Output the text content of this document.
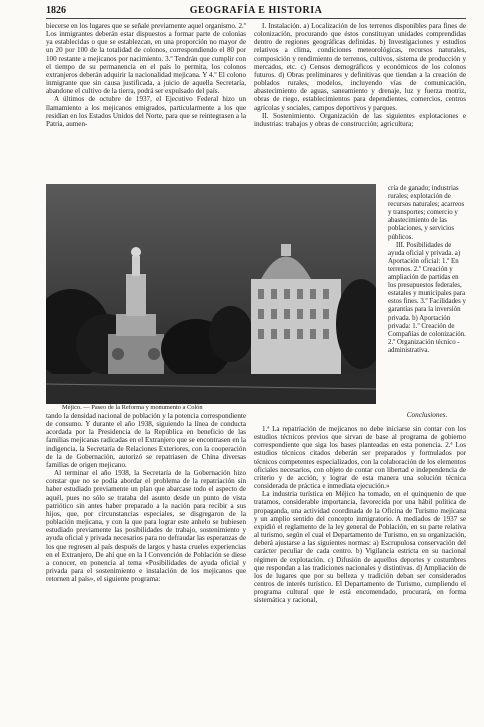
1826	GEOGRAFÍA E HISTORIA

biecerse en los lugares que se señale previamente aquel organismo. 2.º Los inmigrantes deberán estar dispuestos a formar parte de colonias ya establecidas o que se establezcan, en una proporción no mayor de un 20 por 100 de la totalidad de colonos, correspondiendo el 80 por 100 restante a mejicanos por nacimiento. 3.º Tendrán que cumplir con el tiempo de su permanencia en el país lo permita, los colonos extranjeros deberán adquirir la nacionalidad mejicana. Y 4.º El colono inmigrante que sin causa justificada, a juicio de aquella Secretaría, abandone el cultivo de la tierra, podrá ser expulsado del país.

A últimos de octubre de 1937, el Ejecutivo Federal hizo un llamamiento a los mejicanos emigrados, particularmente a los que residían en los Estados Unidos del Norte, para que se reintegrasen a la Patria, aumen-

I. Instalación. a) Localización de los terrenos disponibles para fines de colonización, procurando que éstos constituyan unidades comprendidas dentro de regiones geográficas definidas. b) Investigaciones y estudios relativos a clima, condiciones meteorológicas, recursos naturales, composición y rendimiento de terrenos, cultivos, sistema de producción y mercados, etc. c) Censos demográficos y económicos de los colonos futuros. d) Obras preliminares y definitivas que tiendan a la creación de poblados rurales, modelos, incluyendo vías de comunicación, abastecimiento de aguas, saneamiento y drenaje, luz y fuerza motriz, obras de riego, establecimientos para dependientes, comercios, centros agrícolas y sociales, campos deportivos y parques.

II. Sostenimiento. Organización de las siguientes explotaciones e industrias: trabajos y obras de construcción; agricultura;

Méjico. — Paseo de la Reforma y monumento a Colón

cría de ganado; industrias rurales; explotación de recursos naturales; acarreos y transportes; comercio y abastecimiento de las poblaciones, y servicios públicos.

III. Posibilidades de ayuda oficial y privada. a) Aportación oficial: 1.º En terrenos. 2.º Creación y ampliación de partidas en los presupuestos federales, estatales y municipales para estos fines. 3.º Facilidades y garantías para la inversión privada. b) Aportación privada: 1.º Creación de Compañías de colonización. 2.º Organización técnico - administrativa.

Conclusiones.

tando la densidad nacional de población y la potencia correspondiente de consumo. Y durante el año 1938, siguiendo la línea de conducta acordada por la Presidencia de la República en beneficio de las familias mejicanas radicadas en el Extranjero que se encontrasen en la indigencia, la Secretaría de Relaciones Exteriores, con la cooperación de la de Gobernación, autorizó se repatriasen de China diversas familias de origen mejicano.

Al terminar el año 1938, la Secretaría de la Gobernación hizo constar que no se podía abordar el problema de la repatriación sin haber estudiado previamente un plan que abarcase todo el aspecto de aquél, pues no sólo se trataba del asunto desde un punto de vista patriótico sin antes haber preparado a la nación para recibir a sus hijos, que, por circunstancias especiales, se disgregaron de la población mejicana, y con la que para lograr este anhelo se hubiesen estudiado previamente las posibilidades de trabajo, sostenimiento y ayuda oficial y privada necesarios para no defraudar las esperanzas de los que regresen al país después de largos y hasta crueles experiencias en el Extranjero, De ahí que en la I Convención de Población se diese a conocer, en ponencia al tema «Posibilidades de ayuda oficial y privada para el sostenimiento e instalación de los mejicanos que retornen al país», el siguiente programa:

1.ª La repatriación de mejicanos no debe iniciarse sin contar con los estudios técnicos previos que sirvan de base al programa de gobierno correspondiente que siga los bases planteadas en esta ponencia. 2.ª Los estudios técnicos citados deberán ser preparados y formulados por técnicos competentes especializados, con la colaboración de los elementos oficiales necesarios, con objeto de contar con libertad e independencia de criterio y de acción, y lograr de esta manera una solución técnica considerada de práctica e inmediata ejecución.»

La industria turística en Méjico ha tomado, en el quinquenio de que tratamos, considerable importancia, favorecida por una hábil política de propaganda, una actividad coordinada de la Oficina de Turismo mejicana y un amplio sentido del concepto inmigratorio. A mediados de 1937 se expidió el reglamento de la ley general de Población, en su parte relativa al turismo, según el cual el Departamento de Turismo, en su organización, deberá ajustarse a las siguientes normas: a) Escrupulosa conservación del carácter peculiar de cada centro. b) Vigilancia estricta en su nacional régimen de explotación. c) Difusión de aquellos deportes y costumbres que respondan a las tradiciones nacionales y distintivas. d) Ampliación de los de lugares que por su belleza y tradición deban ser considerados centros de interés turístico. El Departamento de Turismo, cumpliendo el programa cultural que le está encomendado, procurará, en forma sistemática y racional,
